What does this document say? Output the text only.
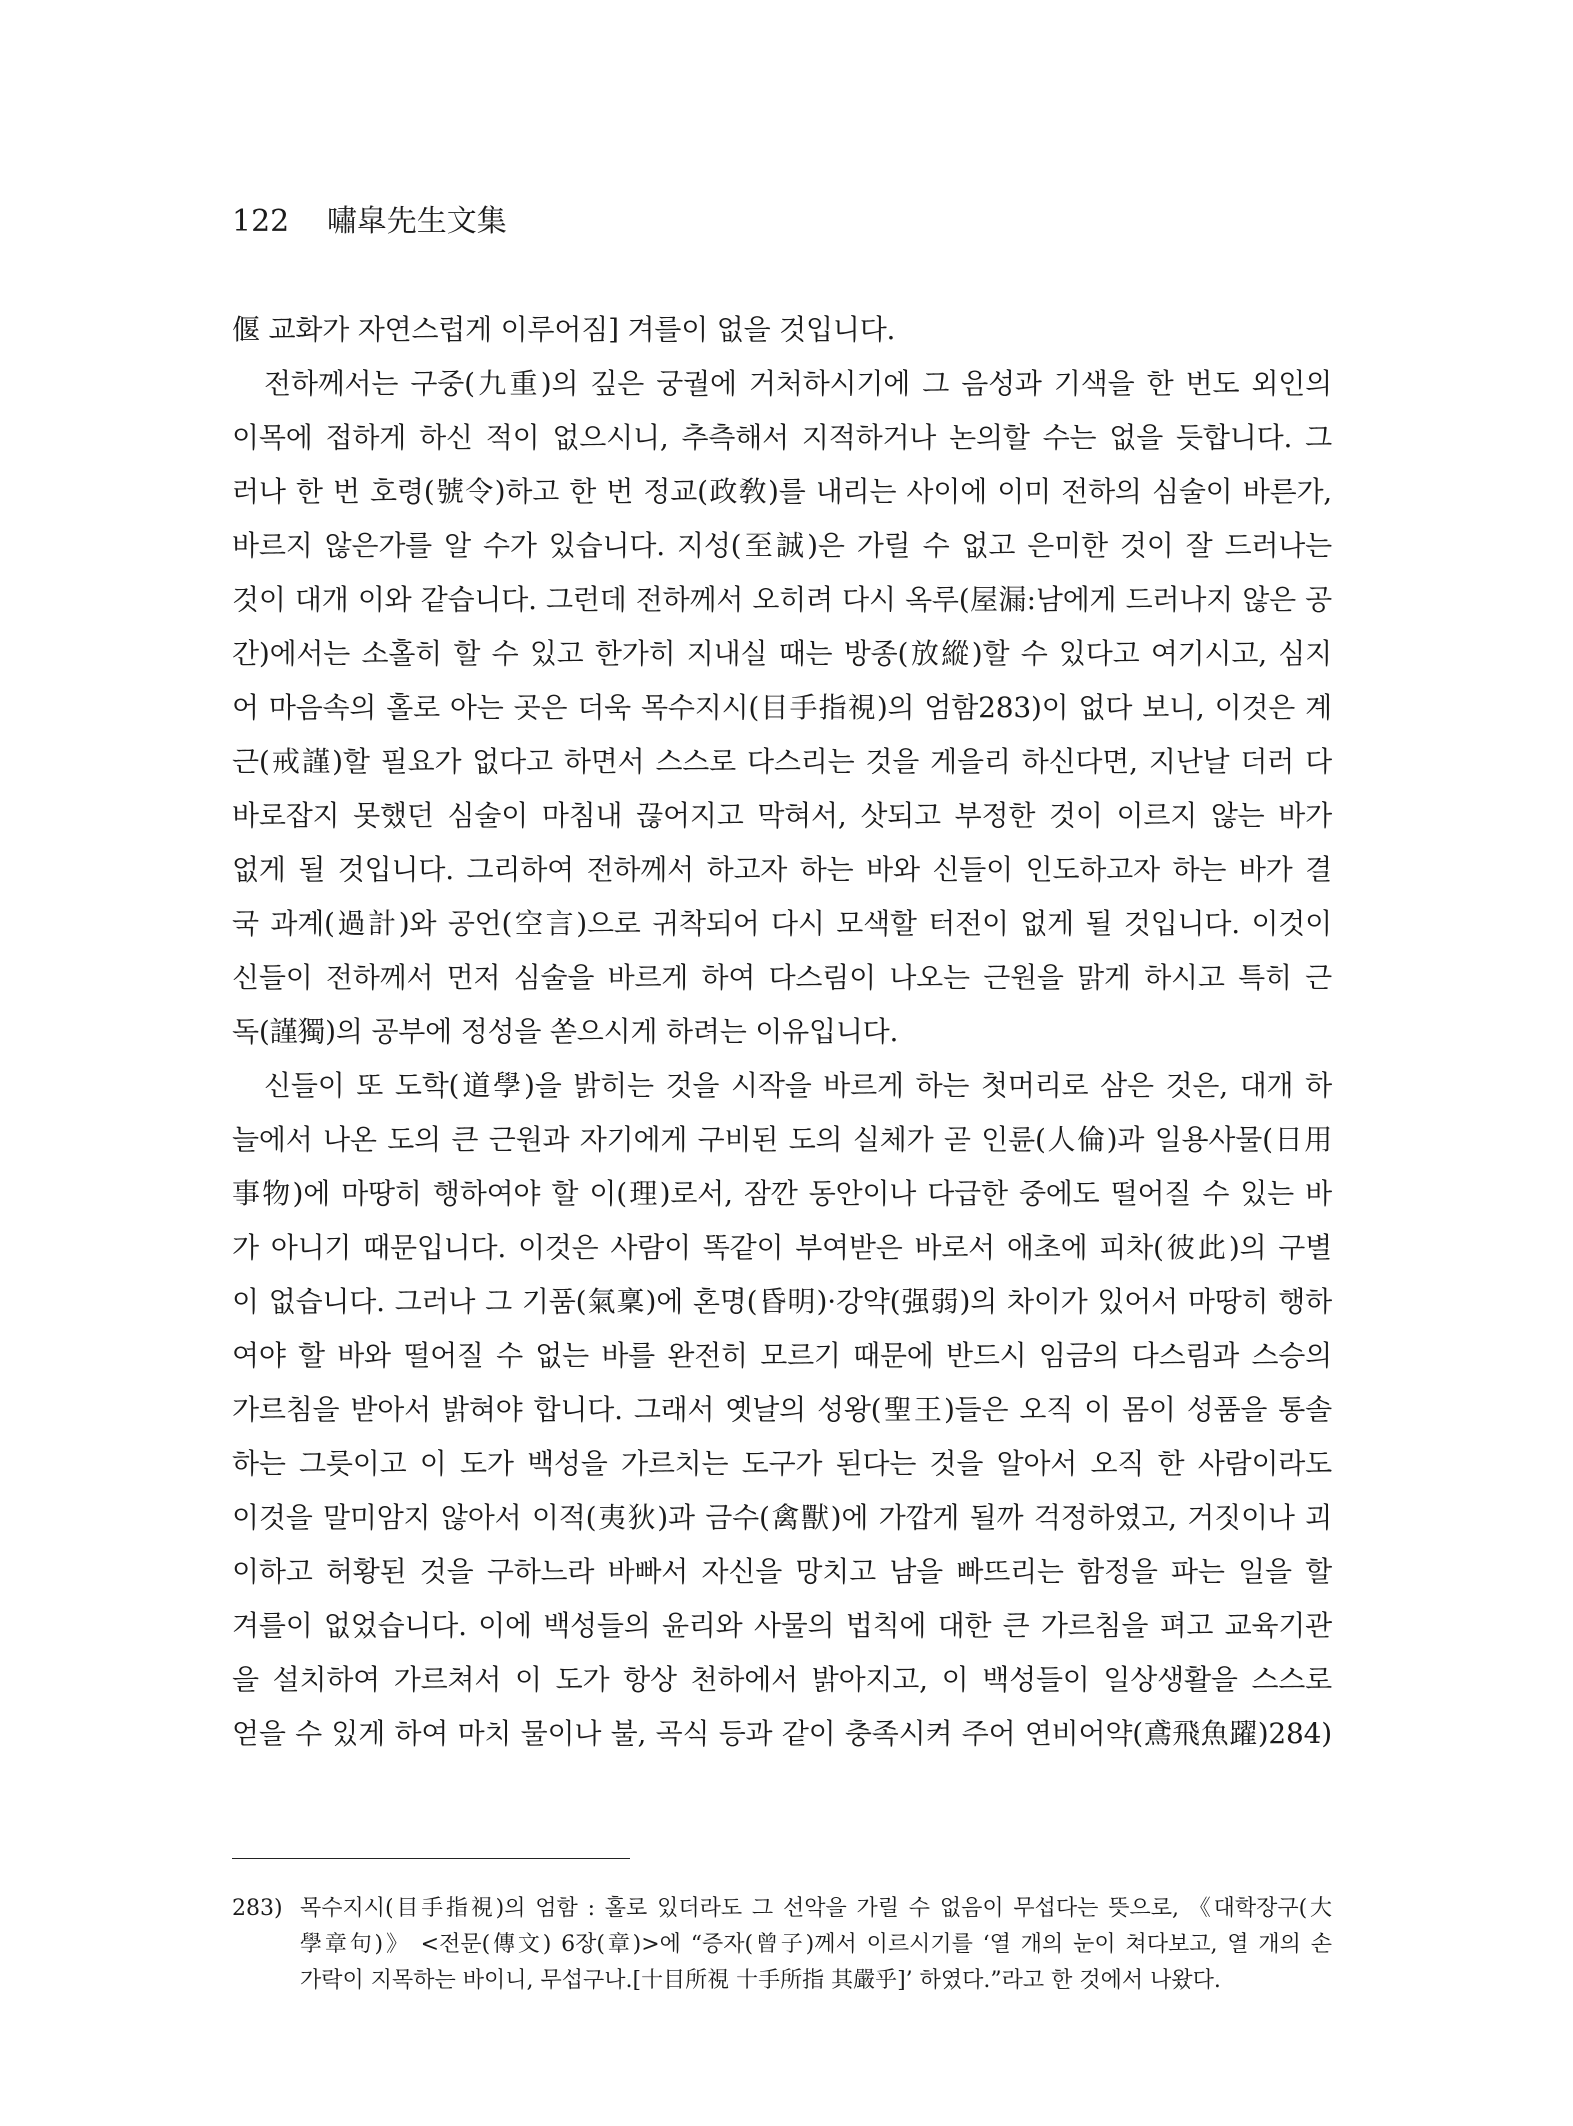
122 嘯皐先生文集
偃 교화가 자연스럽게 이루어짐] 겨를이 없을 것입니다.
전하께서는 구중(九重)의 깊은 궁궐에 거처하시기에 그 음성과 기색을 한 번도 외인의
이목에 접하게 하신 적이 없으시니, 추측해서 지적하거나 논의할 수는 없을 듯합니다. 그
러나 한 번 호령(號令)하고 한 번 정교(政敎)를 내리는 사이에 이미 전하의 심술이 바른가,
바르지 않은가를 알 수가 있습니다. 지성(至誠)은 가릴 수 없고 은미한 것이 잘 드러나는
것이 대개 이와 같습니다. 그런데 전하께서 오히려 다시 옥루(屋漏:남에게 드러나지 않은 공
간)에서는 소홀히 할 수 있고 한가히 지내실 때는 방종(放縱)할 수 있다고 여기시고, 심지
어 마음속의 홀로 아는 곳은 더욱 목수지시(目手指視)의 엄함283)이 없다 보니, 이것은 계
근(戒謹)할 필요가 없다고 하면서 스스로 다스리는 것을 게을리 하신다면, 지난날 더러 다
바로잡지 못했던 심술이 마침내 끊어지고 막혀서, 삿되고 부정한 것이 이르지 않는 바가
없게 될 것입니다. 그리하여 전하께서 하고자 하는 바와 신들이 인도하고자 하는 바가 결
국 과계(過計)와 공언(空言)으로 귀착되어 다시 모색할 터전이 없게 될 것입니다. 이것이
신들이 전하께서 먼저 심술을 바르게 하여 다스림이 나오는 근원을 맑게 하시고 특히 근
독(謹獨)의 공부에 정성을 쏟으시게 하려는 이유입니다.
신들이 또 도학(道學)을 밝히는 것을 시작을 바르게 하는 첫머리로 삼은 것은, 대개 하
늘에서 나온 도의 큰 근원과 자기에게 구비된 도의 실체가 곧 인륜(人倫)과 일용사물(日用
事物)에 마땅히 행하여야 할 이(理)로서, 잠깐 동안이나 다급한 중에도 떨어질 수 있는 바
가 아니기 때문입니다. 이것은 사람이 똑같이 부여받은 바로서 애초에 피차(彼此)의 구별
이 없습니다. 그러나 그 기품(氣稟)에 혼명(昏明)·강약(强弱)의 차이가 있어서 마땅히 행하
여야 할 바와 떨어질 수 없는 바를 완전히 모르기 때문에 반드시 임금의 다스림과 스승의
가르침을 받아서 밝혀야 합니다. 그래서 옛날의 성왕(聖王)들은 오직 이 몸이 성품을 통솔
하는 그릇이고 이 도가 백성을 가르치는 도구가 된다는 것을 알아서 오직 한 사람이라도
이것을 말미암지 않아서 이적(夷狄)과 금수(禽獸)에 가깝게 될까 걱정하였고, 거짓이나 괴
이하고 허황된 것을 구하느라 바빠서 자신을 망치고 남을 빠뜨리는 함정을 파는 일을 할
겨를이 없었습니다. 이에 백성들의 윤리와 사물의 법칙에 대한 큰 가르침을 펴고 교육기관
을 설치하여 가르쳐서 이 도가 항상 천하에서 밝아지고, 이 백성들이 일상생활을 스스로
얻을 수 있게 하여 마치 물이나 불, 곡식 등과 같이 충족시켜 주어 연비어약(鳶飛魚躍)284)
283) 목수지시(目手指視)의 엄함 : 홀로 있더라도 그 선악을 가릴 수 없음이 무섭다는 뜻으로, 《대학장구(大
學章句)》 <전문(傳文) 6장(章)>에 “증자(曾子)께서 이르시기를 ‘열 개의 눈이 쳐다보고, 열 개의 손
가락이 지목하는 바이니, 무섭구나.[十目所視 十手所指 其嚴乎]’ 하였다.”라고 한 것에서 나왔다.
